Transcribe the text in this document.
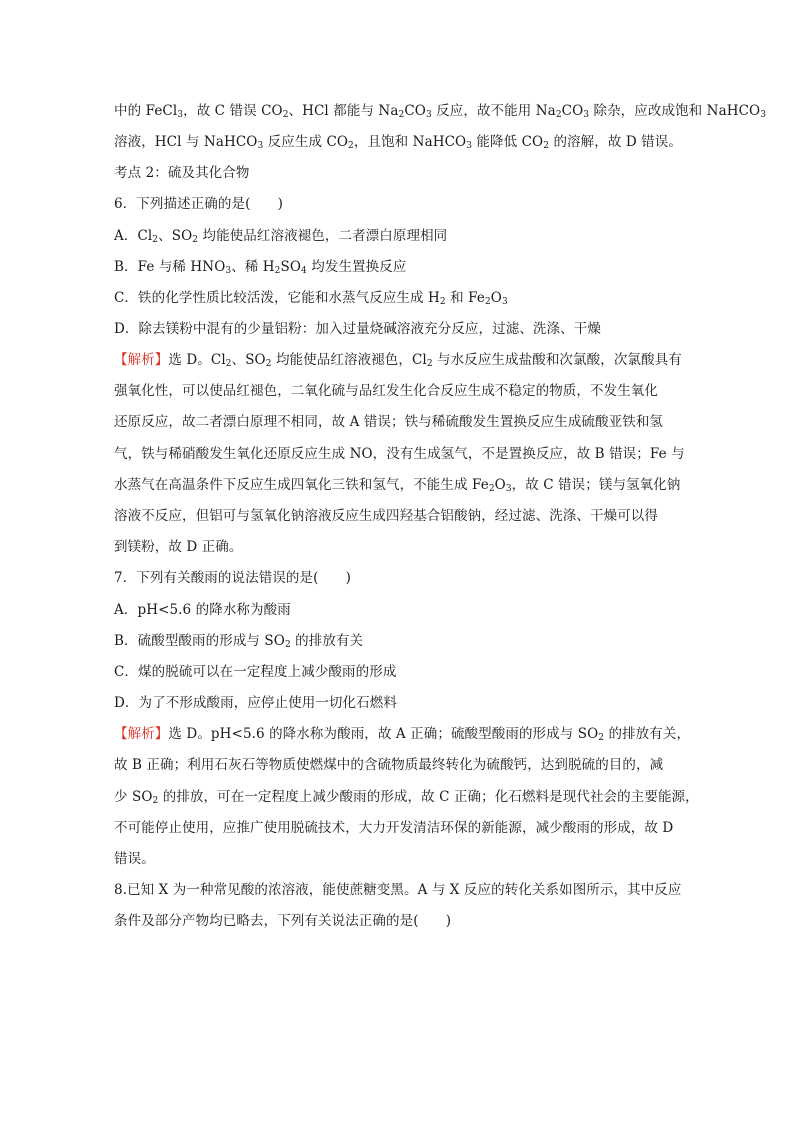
中的 FeCl$_3$，故 C 错误 $CO_2$、HCl 都能与 $Na_2CO_3$ 反应，故不能用 $Na_2CO_3$ 除杂，应改成饱和 NaHCO$_3$
溶液，HCl 与 NaHCO$_3$ 反应生成 $CO_2$，且饱和 NaHCO$_3$ 能降低 $CO_2$ 的溶解，故 D 错误。
考点 2：硫及其化合物
6．下列描述正确的是(　　)
A．$Cl_2$、$SO_2$ 均能使品红溶液褪色，二者漂白原理相同
B．Fe 与稀 $HNO_3$、稀 $H_2SO_4$ 均发生置换反应
C．铁的化学性质比较活泼，它能和水蒸气反应生成 $H_2$ 和 $Fe_2O_3$
D．除去镁粉中混有的少量铝粉：加入过量烧碱溶液充分反应，过滤、洗涤、干燥
【解析】选 D。$Cl_2$、$SO_2$ 均能使品红溶液褪色，$Cl_2$ 与水反应生成盐酸和次氯酸，次氯酸具有
强氧化性，可以使品红褪色，二氧化硫与品红发生化合反应生成不稳定的物质，不发生氧化
还原反应，故二者漂白原理不相同，故 A 错误；铁与稀硫酸发生置换反应生成硫酸亚铁和氢
气，铁与稀硝酸发生氧化还原反应生成 NO，没有生成氢气，不是置换反应，故 B 错误；Fe 与
水蒸气在高温条件下反应生成四氧化三铁和氢气，不能生成 $Fe_2O_3$，故 C 错误；镁与氢氧化钠
溶液不反应，但铝可与氢氧化钠溶液反应生成四羟基合铝酸钠，经过滤、洗涤、干燥可以得
到镁粉，故 D 正确。
7．下列有关酸雨的说法错误的是(　　)
A．pH<5.6 的降水称为酸雨
B．硫酸型酸雨的形成与 $SO_2$ 的排放有关
C．煤的脱硫可以在一定程度上减少酸雨的形成
D．为了不形成酸雨，应停止使用一切化石燃料
【解析】选 D。pH<5.6 的降水称为酸雨，故 A 正确；硫酸型酸雨的形成与 $SO_2$ 的排放有关，
故 B 正确；利用石灰石等物质使燃煤中的含硫物质最终转化为硫酸钙，达到脱硫的目的，减
少 $SO_2$ 的排放，可在一定程度上减少酸雨的形成，故 C 正确；化石燃料是现代社会的主要能源，
不可能停止使用，应推广使用脱硫技术，大力开发清洁环保的新能源，减少酸雨的形成，故 D
错误。
8.已知 X 为一种常见酸的浓溶液，能使蔗糖变黑。A 与 X 反应的转化关系如图所示，其中反应
条件及部分产物均已略去，下列有关说法正确的是(　　)
